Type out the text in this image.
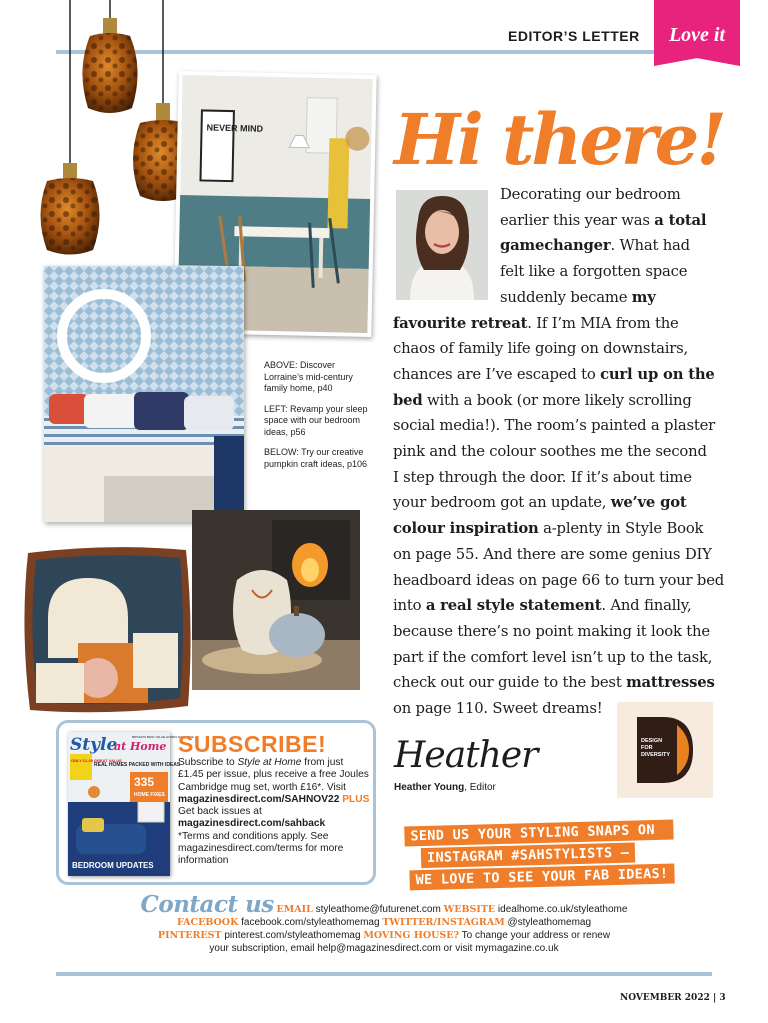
EDITOR’S LETTER	Love it
NEVER MIND

ABOVE: Discover Lorraine’s mid-century family home, p40

LEFT: Revamp your sleep space with our bedroom ideas, p56

BELOW: Try our creative pumpkin craft ideas, p106

Hi there!
Decorating our bedroom
earlier this year was a total
gamechanger. What had
felt like a forgotten space
suddenly became my
favourite retreat. If I’m MIA from the
chaos of family life going on downstairs,
chances are I’ve escaped to curl up on the
bed with a book (or more likely scrolling
social media!). The room’s painted a plaster
pink and the colour soothes me the second
I step through the door. If it’s about time
your bedroom got an update, we’ve got
colour inspiration a-plenty in Style Book
on page 55. And there are some genius DIY
headboard ideas on page 66 to turn your bed
into a real style statement. And finally,
because there’s no point making it look the
part if the comfort level isn’t up to the task,
check out our guide to the best mattresses
on page 110. Sweet dreams!
Heather
Heather Young, Editor
DESIGN
FOR
DIVERSITY
SEND US YOUR STYLING SNAPS ON
INSTAGRAM #SAHSTYLISTS –
WE LOVE TO SEE YOUR FAB IDEAS!
Style
at Home
BRITAIN'S BEST VALUE HOMES MAGAZINE
ONLY £2.49 GREAT VALUE
REAL HOMES PACKED WITH IDEAS
335
HOME FIXES
BEDROOM UPDATES
SUBSCRIBE!
Subscribe to Style at Home from just £1.45 per issue, plus receive a free Joules Cambridge mug set, worth £16*. Visit magazinesdirect.com/SAHNOV22 PLUS Get back issues at magazinesdirect.com/sahback
*Terms and conditions apply. See magazinesdirect.com/terms for more information
Contact us EMAIL styleathome@futurenet.com WEBSITE idealhome.co.uk/styleathome
FACEBOOK facebook.com/styleathomemag TWITTER/INSTAGRAM @styleathomemag
PINTEREST pinterest.com/styleathomemag MOVING HOUSE? To change your address or renew
your subscription, email help@magazinesdirect.com or visit mymagazine.co.uk
NOVEMBER 2022 | 3
